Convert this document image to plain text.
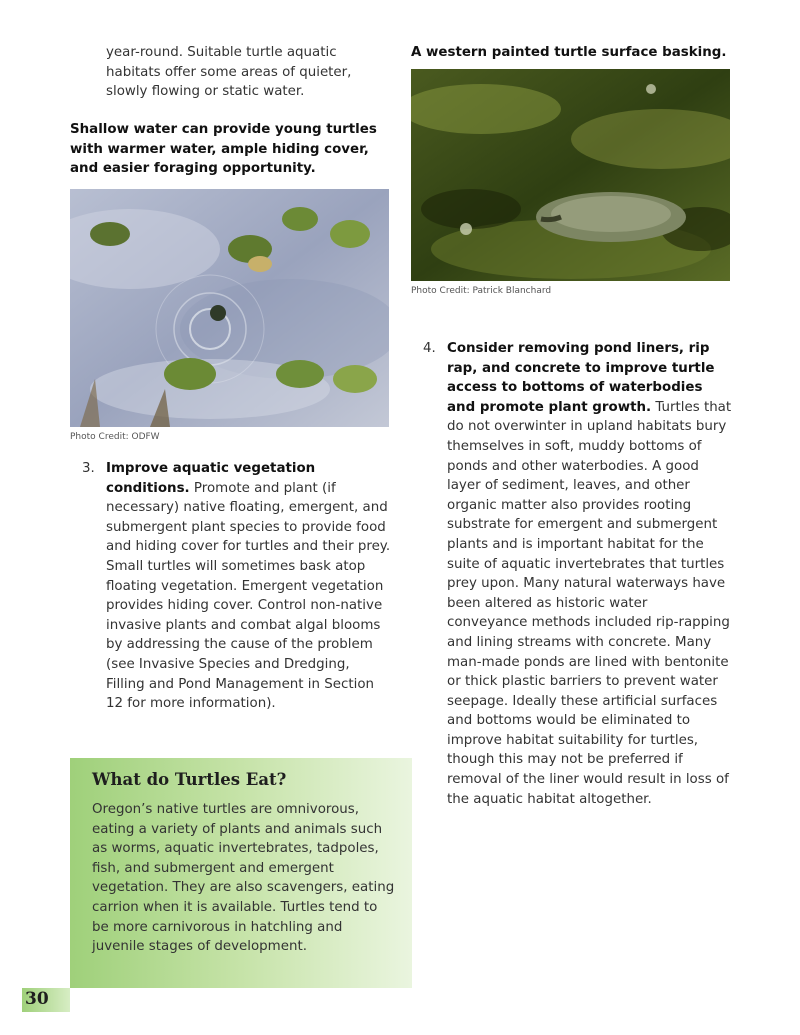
year-round. Suitable turtle aquatic habitats offer some areas of quieter, slowly flowing or static water.
Shallow water can provide young turtles with warmer water, ample hiding cover, and easier foraging opportunity.
Photo Credit: ODFW
3. Improve aquatic vegetation conditions. Promote and plant (if necessary) native floating, emergent, and submergent plant species to provide food and hiding cover for turtles and their prey. Small turtles will sometimes bask atop floating vegetation. Emergent vegetation provides hiding cover. Control non-native invasive plants and combat algal blooms by addressing the cause of the problem (see Invasive Species and Dredging, Filling and Pond Management in Section 12 for more information).
What do Turtles Eat?
Oregon’s native turtles are omnivorous, eating a variety of plants and animals such as worms, aquatic invertebrates, tadpoles, fish, and submergent and emergent vegetation. They are also scavengers, eating carrion when it is available. Turtles tend to be more carnivorous in hatchling and juvenile stages of development.
A western painted turtle surface basking.
Photo Credit: Patrick Blanchard
4. Consider removing pond liners, rip rap, and concrete to improve turtle access to bottoms of waterbodies and promote plant growth. Turtles that do not overwinter in upland habitats bury themselves in soft, muddy bottoms of ponds and other waterbodies. A good layer of sediment, leaves, and other organic matter also provides rooting substrate for emergent and submergent plants and is important habitat for the suite of aquatic invertebrates that turtles prey upon. Many natural waterways have been altered as historic water conveyance methods included rip-rapping and lining streams with concrete. Many man-made ponds are lined with bentonite or thick plastic barriers to prevent water seepage. Ideally these artificial surfaces and bottoms would be eliminated to improve habitat suitability for turtles, though this may not be preferred if removal of the liner would result in loss of the aquatic habitat altogether.
30
